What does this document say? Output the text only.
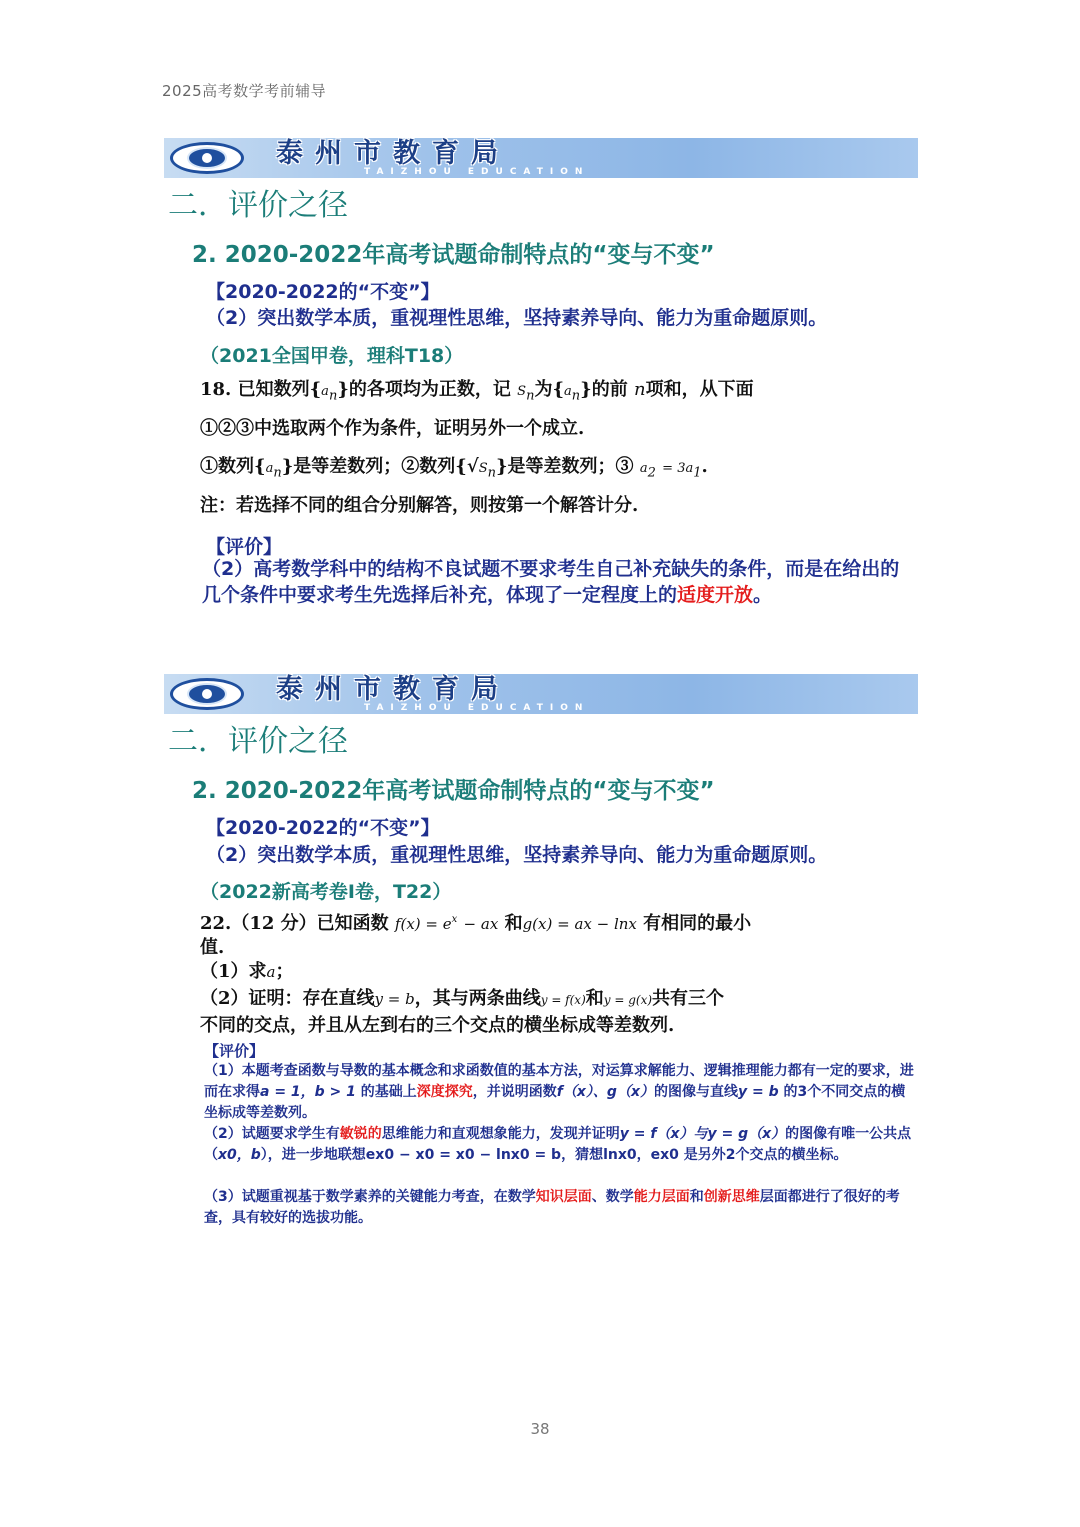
2025高考数学考前辅导
泰州市教育局
TAIZHOU EDUCATION
二．评价之径
2. 2020-2022年高考试题命制特点的“变与不变”
【2020-2022的“不变”】
（2）突出数学本质，重视理性思维，坚持素养导向、能力为重命题原则。
（2021全国甲卷，理科T18）
18. 已知数列$\{a_n\}$的各项均为正数，记 $S_n$为$\{a_n\}$的前 n项和，从下面
①②③中选取两个作为条件，证明另外一个成立.
①数列$\{a_n\}$是等差数列；②数列$\{√S_n\}$是等差数列；③ $a_2 = 3a_1$.
注：若选择不同的组合分别解答，则按第一个解答计分.
【评价】
（2）高考数学科中的结构不良试题不要求考生自己补充缺失的条件，而是在给出的几个条件中要求考生先选择后补充，体现了一定程度上的适度开放。
泰州市教育局
TAIZHOU EDUCATION
二．评价之径
2. 2020-2022年高考试题命制特点的“变与不变”
【2020-2022的“不变”】
（2）突出数学本质，重视理性思维，坚持素养导向、能力为重命题原则。
（2022新高考卷Ⅰ卷，T22）
22.（12 分）已知函数 $f(x) = e^x$ − ax 和g(x) = ax − lnx 有相同的最小
值.
（1）求a；
（2）证明：存在直线y = b，其与两条曲线y = f(x)和y = g(x)共有三个
不同的交点，并且从左到右的三个交点的横坐标成等差数列.
【评价】
（1）本题考查函数与导数的基本概念和求函数值的基本方法，对运算求解能力、逻辑推理能力都有一定的要求，进而在求得a = 1，b > 1 的基础上深度探究，并说明函数f（x）、g（x）的图像与直线y = b 的3个不同交点的横坐标成等差数列。
（2）试题要求学生有敏锐的思维能力和直观想象能力，发现并证明y = f（x）与y = g（x）的图像有唯一公共点（x0，b），进一步地联想ex0 − x0 = x0 − lnx0 = b，猜想lnx0，ex0 是另外2个交点的横坐标。
（3）试题重视基于数学素养的关键能力考查，在数学知识层面、数学能力层面和创新思维层面都进行了很好的考查，具有较好的选拔功能。
38
